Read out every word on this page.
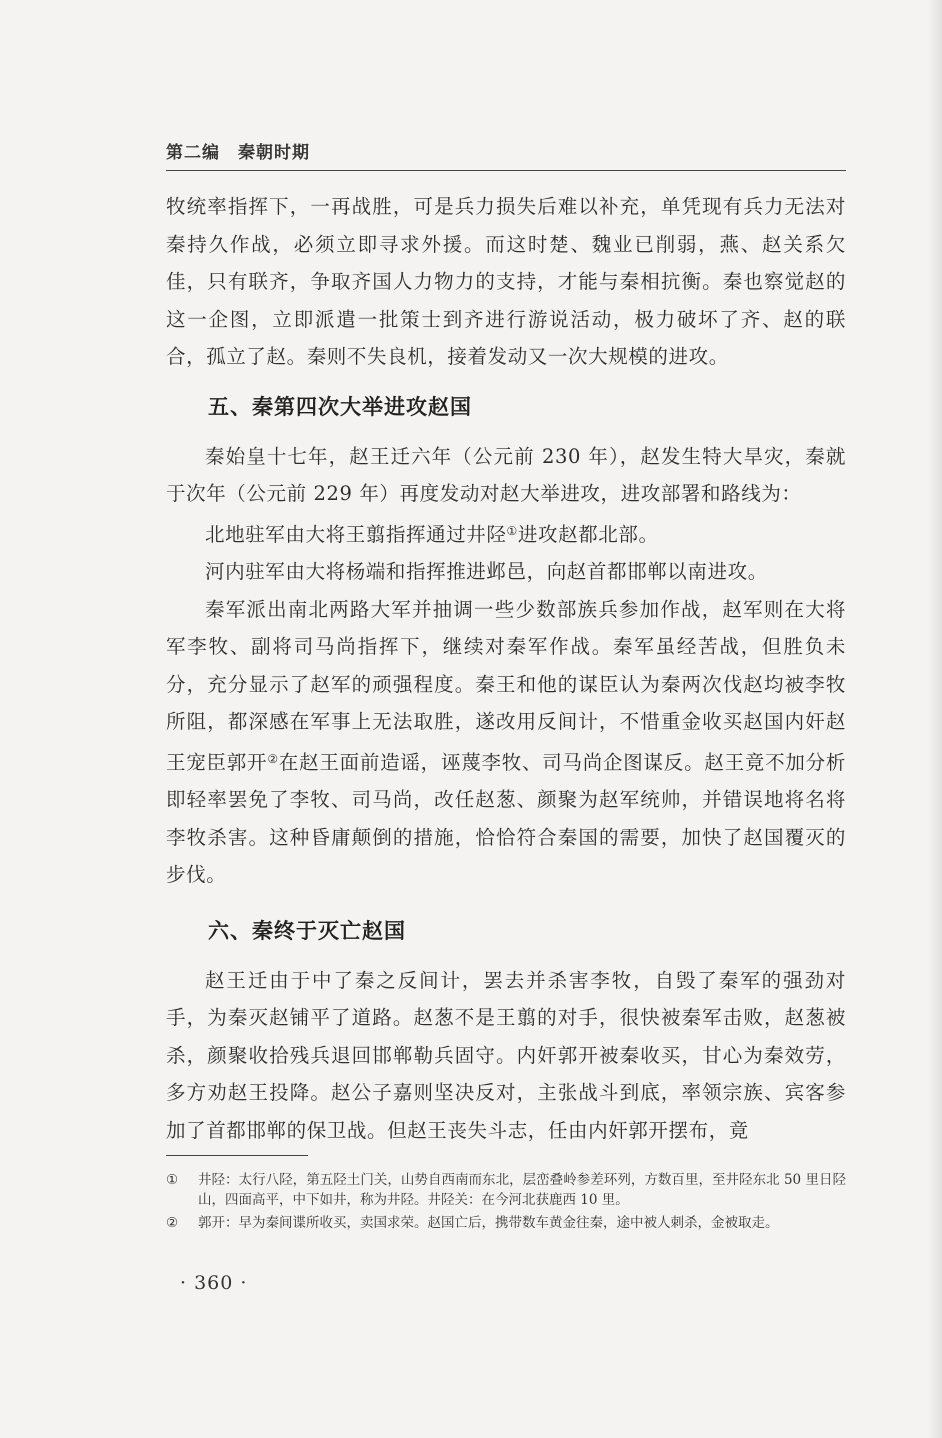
第二编　秦朝时期

牧统率指挥下，一再战胜，可是兵力损失后难以补充，单凭现有兵力无法对秦持久作战，必须立即寻求外援。而这时楚、魏业已削弱，燕、赵关系欠佳，只有联齐，争取齐国人力物力的支持，才能与秦相抗衡。秦也察觉赵的这一企图，立即派遣一批策士到齐进行游说活动，极力破坏了齐、赵的联合，孤立了赵。秦则不失良机，接着发动又一次大规模的进攻。

五、秦第四次大举进攻赵国

秦始皇十七年，赵王迁六年（公元前 230 年），赵发生特大旱灾，秦就于次年（公元前 229 年）再度发动对赵大举进攻，进攻部署和路线为：

北地驻军由大将王翦指挥通过井陉①进攻赵都北部。

河内驻军由大将杨端和指挥推进邺邑，向赵首都邯郸以南进攻。

秦军派出南北两路大军并抽调一些少数部族兵参加作战，赵军则在大将军李牧、副将司马尚指挥下，继续对秦军作战。秦军虽经苦战，但胜负未分，充分显示了赵军的顽强程度。秦王和他的谋臣认为秦两次伐赵均被李牧所阻，都深感在军事上无法取胜，遂改用反间计，不惜重金收买赵国内奸赵王宠臣郭开②在赵王面前造谣，诬蔑李牧、司马尚企图谋反。赵王竟不加分析即轻率罢免了李牧、司马尚，改任赵葱、颜聚为赵军统帅，并错误地将名将李牧杀害。这种昏庸颠倒的措施，恰恰符合秦国的需要，加快了赵国覆灭的步伐。

六、秦终于灭亡赵国

赵王迁由于中了秦之反间计，罢去并杀害李牧，自毁了秦军的强劲对手，为秦灭赵铺平了道路。赵葱不是王翦的对手，很快被秦军击败，赵葱被杀，颜聚收拾残兵退回邯郸勒兵固守。内奸郭开被秦收买，甘心为秦效劳，多方劝赵王投降。赵公子嘉则坚决反对，主张战斗到底，率领宗族、宾客参加了首都邯郸的保卫战。但赵王丧失斗志，任由内奸郭开摆布，竟

①	井陉：太行八陉，第五陉土门关，山势自西南而东北，层峦叠岭参差环列，方数百里，至井陉东北 50 里日陉山，四面高平，中下如井，称为井陉。井陉关：在今河北获鹿西 10 里。
②	郭开：早为秦间谍所收买，卖国求荣。赵国亡后，携带数车黄金往秦，途中被人刺杀，金被取走。
· 360 ·
